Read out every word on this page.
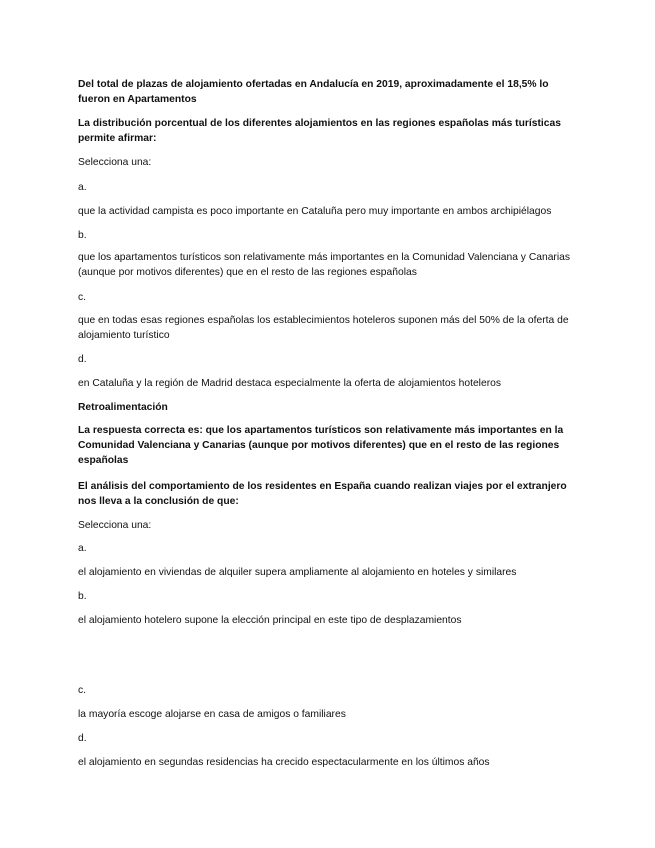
Del total de plazas de alojamiento ofertadas en Andalucía en 2019, aproximadamente el 18,5% lo fueron en Apartamentos

La distribución porcentual de los diferentes alojamientos en las regiones españolas más turísticas permite afirmar:

Selecciona una:

a.

que la actividad campista es poco importante en Cataluña pero muy importante en ambos archipiélagos

b.

que los apartamentos turísticos son relativamente más importantes en la Comunidad Valenciana y Canarias (aunque por motivos diferentes) que en el resto de las regiones españolas

c.

que en todas esas regiones españolas los establecimientos hoteleros suponen más del 50% de la oferta de alojamiento turístico

d.

en Cataluña y la región de Madrid destaca especialmente la oferta de alojamientos hoteleros

Retroalimentación

La respuesta correcta es: que los apartamentos turísticos son relativamente más importantes en la Comunidad Valenciana y Canarias (aunque por motivos diferentes) que en el resto de las regiones españolas

El análisis del comportamiento de los residentes en España cuando realizan viajes por el extranjero nos lleva a la conclusión de que:

Selecciona una:

a.

el alojamiento en viviendas de alquiler supera ampliamente al alojamiento en hoteles y similares

b.

el alojamiento hotelero supone la elección principal en este tipo de desplazamientos

c.

la mayoría escoge alojarse en casa de amigos o familiares

d.

el alojamiento en segundas residencias ha crecido espectacularmente en los últimos años
